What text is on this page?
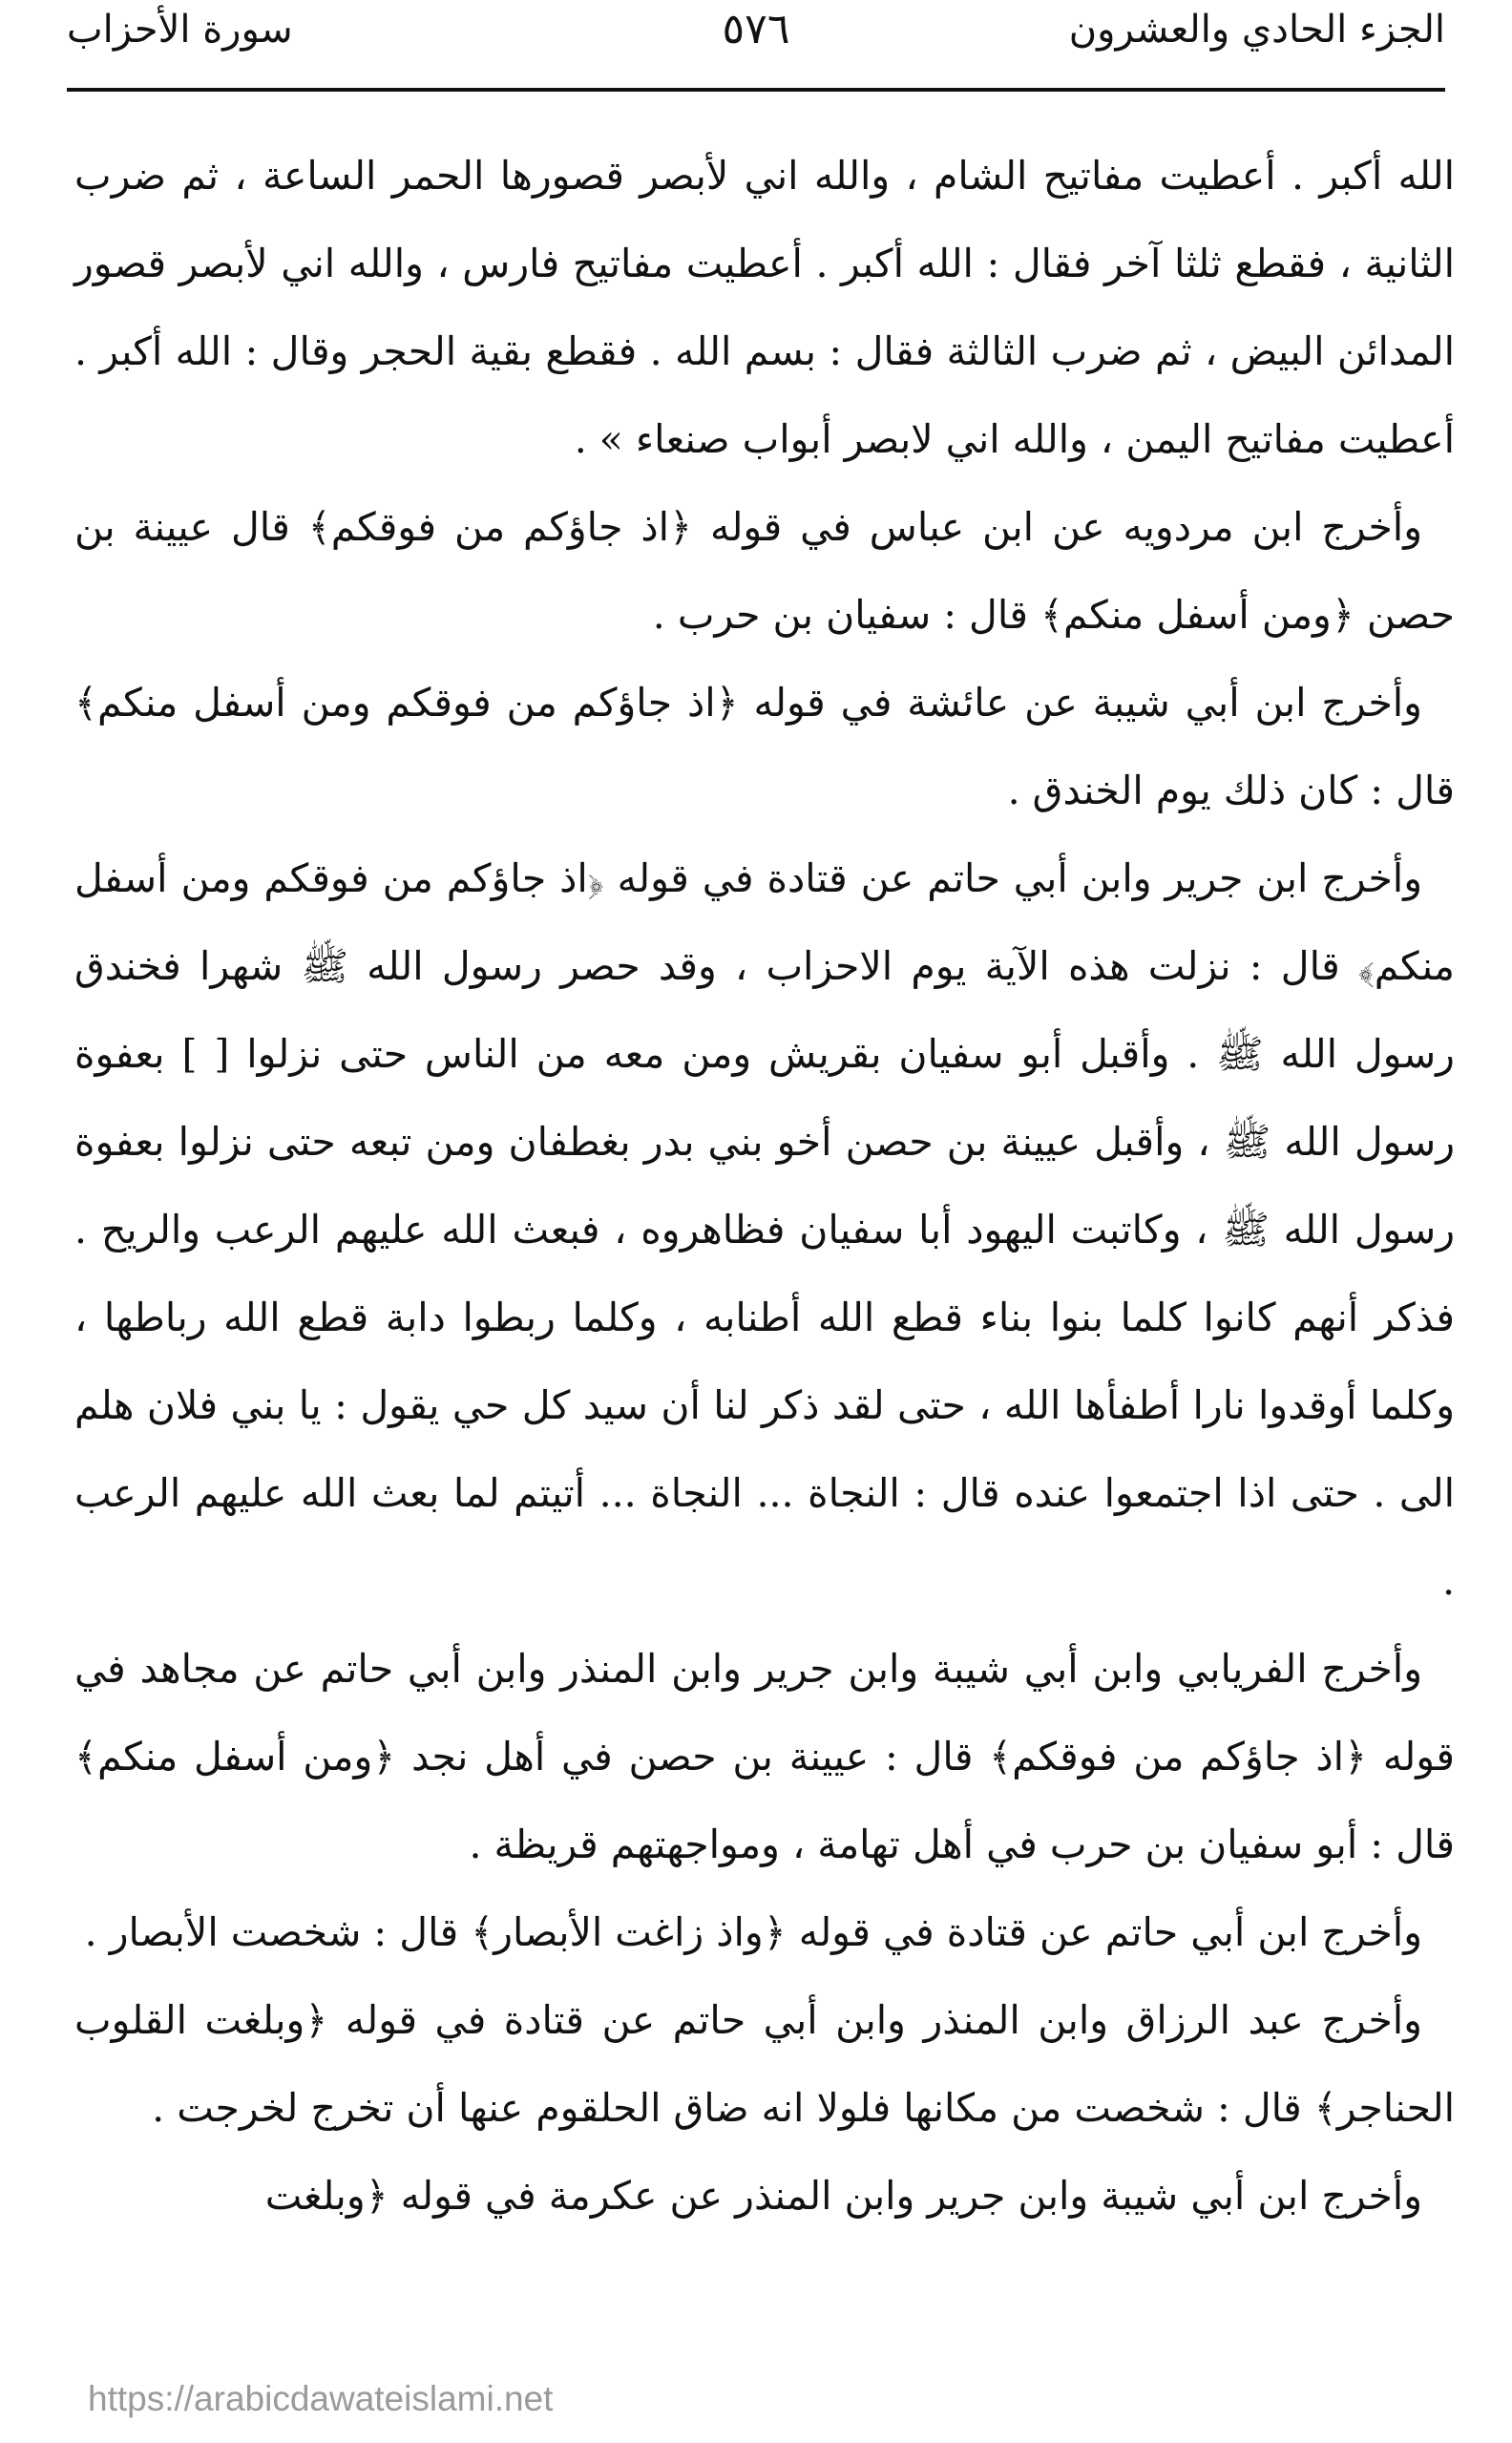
الجزء الحادي والعشرون
٥٧٦
سورة الأحزاب

الله أكبر . أعطيت مفاتيح الشام ، والله اني لأبصر قصورها الحمر الساعة ، ثم ضرب الثانية ، فقطع ثلثا آخر فقال : الله أكبر . أعطيت مفاتيح فارس ، والله اني لأبصر قصور المدائن البيض ، ثم ضرب الثالثة فقال : بسم الله . فقطع بقية الحجر وقال : الله أكبر . أعطيت مفاتيح اليمن ، والله اني لابصر أبواب صنعاء » .

وأخرج ابن مردويه عن ابن عباس في قوله ﴿اذ جاؤكم من فوقكم﴾ قال عيينة بن حصن ﴿ومن أسفل منكم﴾ قال : سفيان بن حرب .

وأخرج ابن أبي شيبة عن عائشة في قوله ﴿اذ جاؤكم من فوقكم ومن أسفل منكم﴾ قال : كان ذلك يوم الخندق .

وأخرج ابن جرير وابن أبي حاتم عن قتادة في قوله ﴿اذ جاؤكم من فوقكم ومن أسفل منكم﴾ قال : نزلت هذه الآية يوم الاحزاب ، وقد حصر رسول الله ﷺ شهرا فخندق رسول الله ﷺ . وأقبل أبو سفيان بقريش ومن معه من الناس حتى نزلوا [ ] بعفوة رسول الله ﷺ ، وأقبل عيينة بن حصن أخو بني بدر بغطفان ومن تبعه حتى نزلوا بعفوة رسول الله ﷺ ، وكاتبت اليهود أبا سفيان فظاهروه ، فبعث الله عليهم الرعب والريح . فذكر أنهم كانوا كلما بنوا بناء قطع الله أطنابه ، وكلما ربطوا دابة قطع الله رباطها ، وكلما أوقدوا نارا أطفأها الله ، حتى لقد ذكر لنا أن سيد كل حي يقول : يا بني فلان هلم الى . حتى اذا اجتمعوا عنده قال : النجاة ... النجاة ... أتيتم لما بعث الله عليهم الرعب .

وأخرج الفريابي وابن أبي شيبة وابن جرير وابن المنذر وابن أبي حاتم عن مجاهد في قوله ﴿اذ جاؤكم من فوقكم﴾ قال : عيينة بن حصن في أهل نجد ﴿ومن أسفل منكم﴾ قال : أبو سفيان بن حرب في أهل تهامة ، ومواجهتهم قريظة .

وأخرج ابن أبي حاتم عن قتادة في قوله ﴿واذ زاغت الأبصار﴾ قال : شخصت الأبصار .

وأخرج عبد الرزاق وابن المنذر وابن أبي حاتم عن قتادة في قوله ﴿وبلغت القلوب الحناجر﴾ قال : شخصت من مكانها فلولا انه ضاق الحلقوم عنها أن تخرج لخرجت .

وأخرج ابن أبي شيبة وابن جرير وابن المنذر عن عكرمة في قوله ﴿وبلغت

https://arabicdawateislami.net
